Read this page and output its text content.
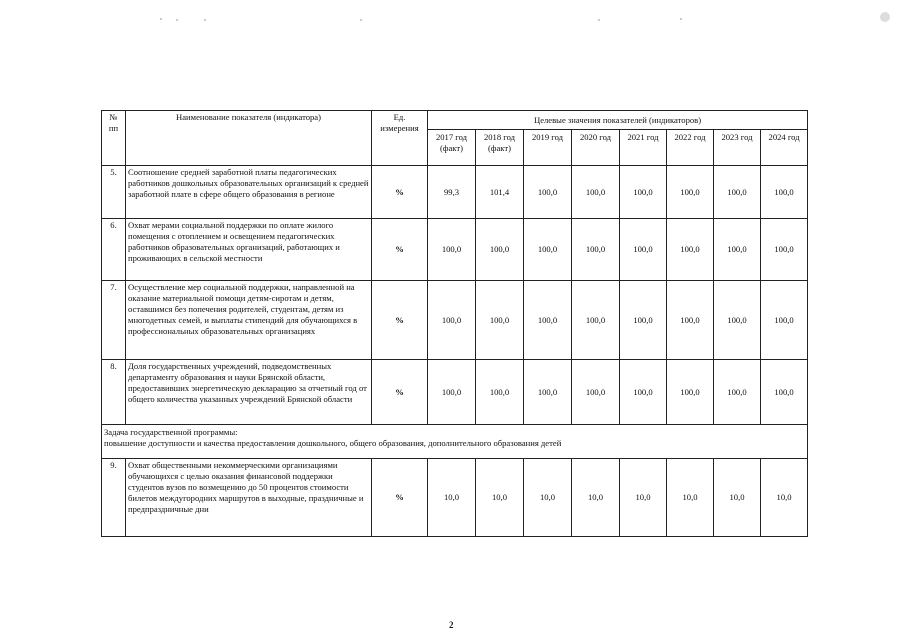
№ пп	Наименование показателя (индикатора)	Ед. измерения	Целевые значения показателей (индикаторов)							
			2017 год (факт)	2018 год (факт)	2019 год	2020 год	2021 год	2022 год	2023 год	2024 год
5.	Соотношение средней заработной платы педагогических работников дошкольных образовательных организаций к средней заработной плате в сфере общего образования в регионе	%	99,3	101,4	100,0	100,0	100,0	100,0	100,0	100,0
6.	Охват мерами социальной поддержки по оплате жилого помещения с отоплением и освещением педагогических работников образовательных организаций, работающих и проживающих в сельской местности	%	100,0	100,0	100,0	100,0	100,0	100,0	100,0	100,0
7.	Осуществление мер социальной поддержки, направленной на оказание материальной помощи детям-сиротам и детям, оставшимся без попечения родителей, студентам, детям из многодетных семей, и выплаты стипендий для обучающихся в профессиональных образовательных организациях	%	100,0	100,0	100,0	100,0	100,0	100,0	100,0	100,0
8.	Доля государственных учреждений, подведомственных департаменту образования и науки Брянской области, предоставивших энергетическую декларацию за отчетный год от общего количества указанных учреждений Брянской области	%	100,0	100,0	100,0	100,0	100,0	100,0	100,0	100,0

Задача государственной программы:
повышение доступности и качества предоставления дошкольного, общего образования, дополнительного образования детей										

9.	Охват общественными некоммерческими организациями обучающихся с целью оказания финансовой поддержки студентов вузов по возмещению до 50 процентов стоимости билетов междугородних маршрутов в выходные, праздничные и предпраздничные дни	%	10,0	10,0	10,0	10,0	10,0	10,0	10,0	10,0
2
